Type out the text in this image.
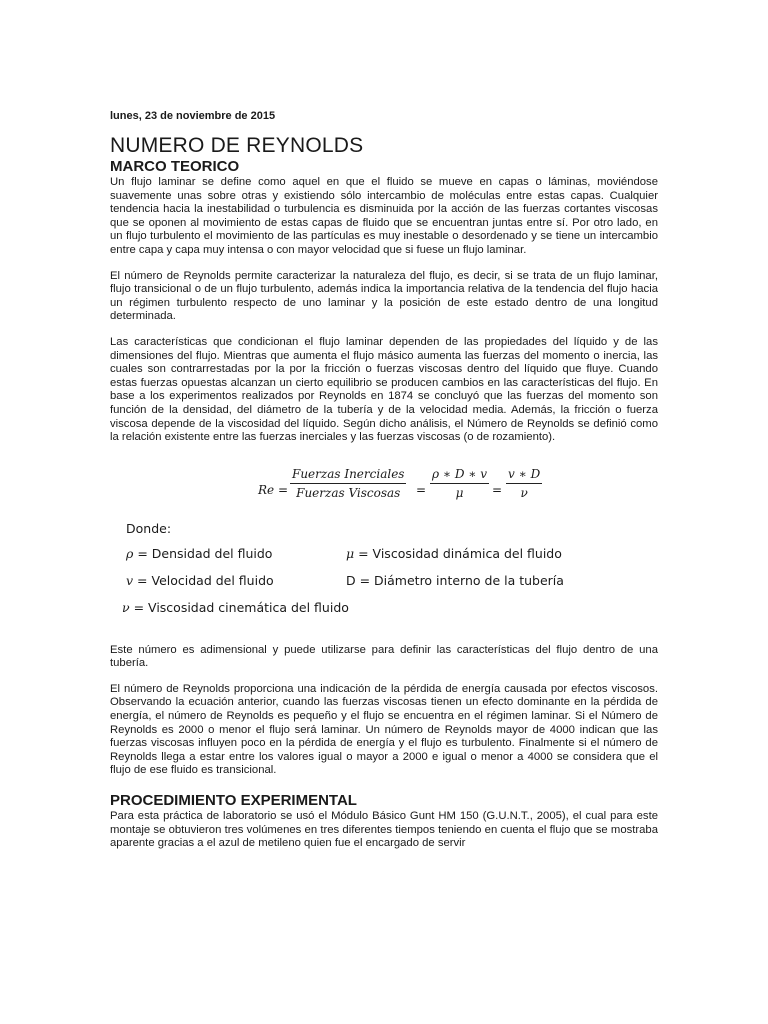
lunes, 23 de noviembre de 2015
NUMERO DE REYNOLDS
MARCO TEORICO

Un flujo laminar se define como aquel en que el fluido se mueve en capas o láminas, moviéndose suavemente unas sobre otras y existiendo sólo intercambio de moléculas entre estas capas. Cualquier tendencia hacia la inestabilidad o turbulencia es disminuida por la acción de las fuerzas cortantes viscosas que se oponen al movimiento de estas capas de fluido que se encuentran juntas entre sí. Por otro lado, en un flujo turbulento el movimiento de las partículas es muy inestable o desordenado y se tiene un intercambio entre capa y capa muy intensa o con mayor velocidad que si fuese un flujo laminar.

El número de Reynolds permite caracterizar la naturaleza del flujo, es decir, si se trata de un flujo laminar, flujo transicional o de un flujo turbulento, además indica la importancia relativa de la tendencia del flujo hacia un régimen turbulento respecto de uno laminar y la posición de este estado dentro de una longitud determinada.

Las características que condicionan el flujo laminar dependen de las propiedades del líquido y de las dimensiones del flujo. Mientras que aumenta el flujo másico aumenta las fuerzas del momento o inercia, las cuales son contrarrestadas por la por la fricción o fuerzas viscosas dentro del líquido que fluye. Cuando estas fuerzas opuestas alcanzan un cierto equilibrio se producen cambios en las características del flujo. En base a los experimentos realizados por Reynolds en 1874 se concluyó que las fuerzas del momento son función de la densidad, del diámetro de la tubería y de la velocidad media. Además, la fricción o fuerza viscosa depende de la viscosidad del líquido. Según dicho análisis, el Número de Reynolds se definió como la relación existente entre las fuerzas inerciales y las fuerzas viscosas (o de rozamiento).

Re =
Fuerzas Inerciales
Fuerzas Viscosas	= $\frac{\rho ∗ D ∗ v}{\mu} = \frac{v ∗ D}{\nu}$
Donde:
ρ = Densidad del fluido	μ = Viscosidad dinámica del fluido
v = Velocidad del fluido	D = Diámetro interno de la tubería
ν = Viscosidad cinemática del fluido

Este número es adimensional y puede utilizarse para definir las características del flujo dentro de una tubería.

El número de Reynolds proporciona una indicación de la pérdida de energía causada por efectos viscosos. Observando la ecuación anterior, cuando las fuerzas viscosas tienen un efecto dominante en la pérdida de energía, el número de Reynolds es pequeño y el flujo se encuentra en el régimen laminar. Si el Número de Reynolds es 2000 o menor el flujo será laminar. Un número de Reynolds mayor de 4000 indican que las fuerzas viscosas influyen poco en la pérdida de energía y el flujo es turbulento. Finalmente si el número de Reynolds llega a estar entre los valores igual o mayor a 2000 e igual o menor a 4000 se considera que el flujo de ese fluido es transicional.

PROCEDIMIENTO EXPERIMENTAL

Para esta práctica de laboratorio se usó el Módulo Básico Gunt HM 150 (G.U.N.T., 2005), el cual para este montaje se obtuvieron tres volúmenes en tres diferentes tiempos teniendo en cuenta el flujo que se mostraba aparente gracias a el azul de metileno quien fue el encargado de servir
